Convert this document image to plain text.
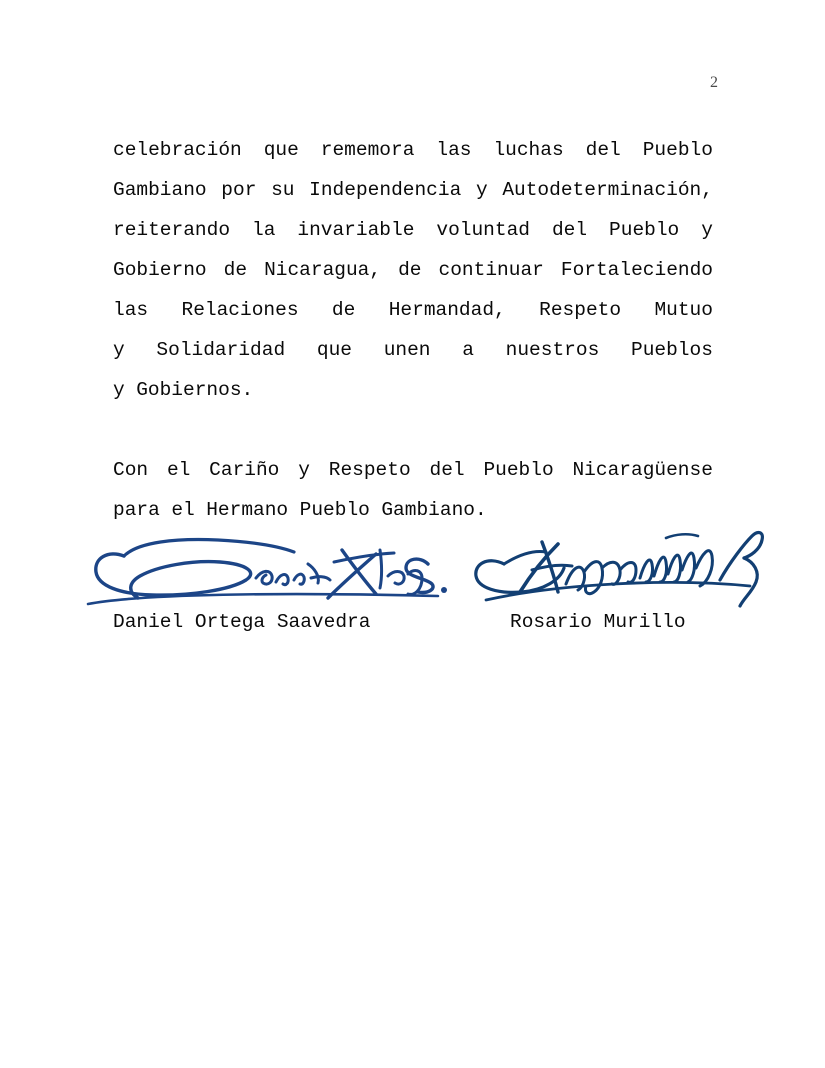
2
celebración que rememora las luchas del Pueblo
Gambiano por su Independencia y Autodeterminación,
reiterando la invariable voluntad del Pueblo y
Gobierno de Nicaragua, de continuar Fortaleciendo
las Relaciones de Hermandad, Respeto Mutuo
y Solidaridad que unen a nuestros Pueblos
y Gobiernos.
Con el Cariño y Respeto del Pueblo Nicaragüense
para el Hermano Pueblo Gambiano.
Daniel Ortega Saavedra	Rosario Murillo
